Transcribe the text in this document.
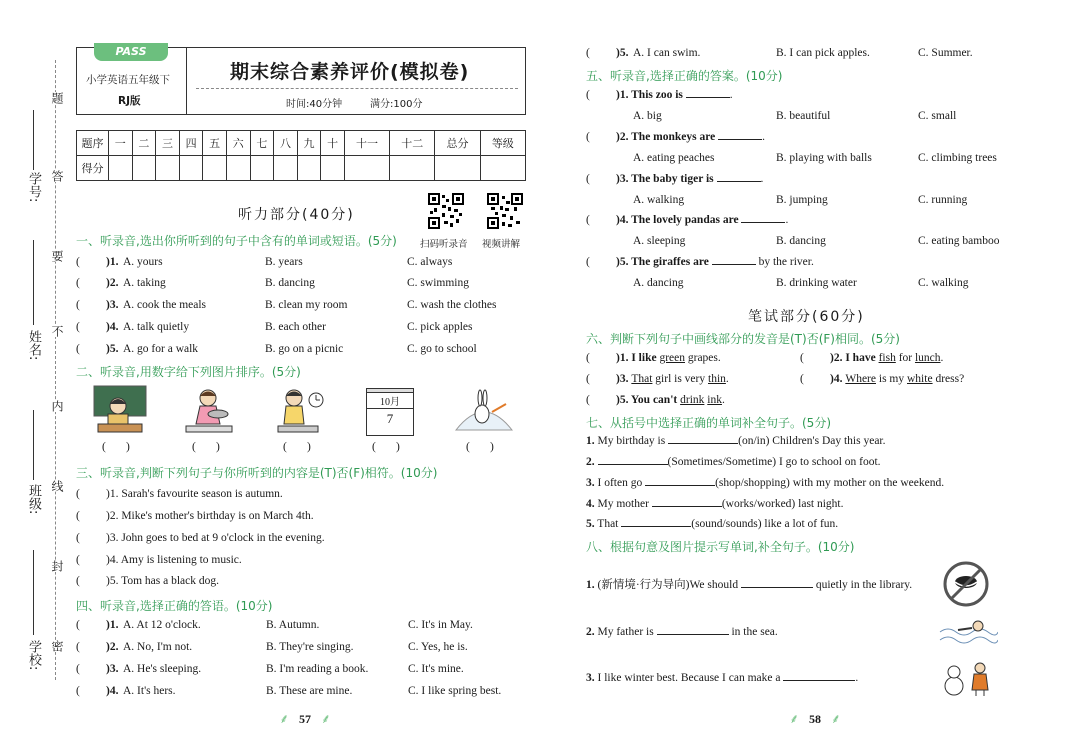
题
答
要
不
内
线
封
密
学号:
姓名:
班级:
学校:
PASS
小学英语五年级下
RJ版
期末综合素养评价(模拟卷)
时间:40分钟	满分:100分
题序	一	二	三	四	五	六	七	八	九	十	十一	十二	总分	等级
得分														
听力部分(40分)
扫码听录音 视频讲解
一、听录音,选出你所听到的句子中含有的单词或短语。(5分)
( )1. A. yours	B. years	C. always
( )2. A. taking	B. dancing	C. swimming
( )3. A. cook the meals	B. clean my room	C. wash the clothes
( )4. A. talk quietly	B. each other	C. pick apples
( )5. A. go for a walk	B. go on a picnic	C. go to school
二、听录音,用数字给下列图片排序。(5分)
10月
7
(       )	(       )	(       )	(       )	(       )
三、听录音,判断下列句子与你所听到的内容是(T)否(F)相符。(10分)
( )1. Sarah's favourite season is autumn.
( )2. Mike's mother's birthday is on March 4th.
( )3. John goes to bed at 9 o'clock in the evening.
( )4. Amy is listening to music.
( )5. Tom has a black dog.
四、听录音,选择正确的答语。(10分)
( )1. A. At 12 o'clock.	B. Autumn.	C. It's in May.
( )2. A. No, I'm not.	B. They're singing.	C. Yes, he is.
( )3. A. He's sleeping.	B. I'm reading a book.	C. It's mine.
( )4. A. It's hers.	B. These are mine.	C. I like spring best.
⸙ 57 ⸙
( )5. A. I can swim.	B. I can pick apples.	C. Summer.
五、听录音,选择正确的答案。(10分)
( )1. This zoo is	.
A. big	B. beautiful	C. small
( )2. The monkeys are	.
A. eating peaches	B. playing with balls	C. climbing trees
( )3. The baby tiger is	.
A. walking	B. jumping	C. running
( )4. The lovely pandas are	.
A. sleeping	B. dancing	C. eating bamboo
( )5. The giraffes are	by the river.
A. dancing	B. drinking water	C. walking
笔试部分(60分)
六、判断下列句子中画线部分的发音是(T)否(F)相同。(5分)
( )1. I like green grapes.	( )2. I have fish for lunch.
( )3. That girl is very thin.	( )4. Where is my white dress?
( )5. You can't drink ink.
七、从括号中选择正确的单词补全句子。(5分)
1. My birthday is	(on/in) Children's Day this year.
2.	(Sometimes/Sometime) I go to school on foot.
3. I often go	(shop/shopping) with my mother on the weekend.
4. My mother	(works/worked) last night.
5. That	(sound/sounds) like a lot of fun.
八、根据句意及图片提示写单词,补全句子。(10分)
1. (新情境·行为导向)We should	quietly in the library.
2. My father is	in the sea.
3. I like winter best. Because I can make a	.
⸙ 58 ⸙
